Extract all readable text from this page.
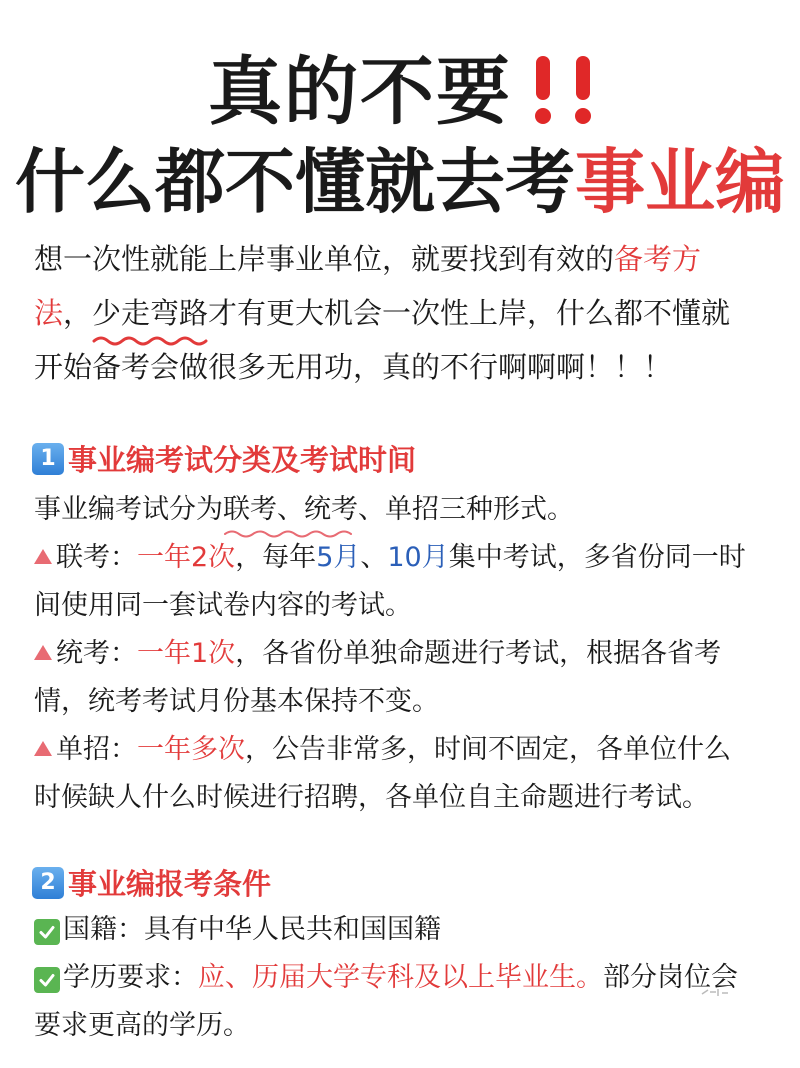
真的不要
什么都不懂就去考事业编
想一次性就能上岸事业单位，就要找到有效的备考方
法，少走弯路
才有更大机会一次性上岸，什么都不懂就
开始备考会做很多无用功，真的不行啊啊啊！！！
1 事业编考试分类及考试时间
事业编考试分为联考、统考
、单招三种形式。
联考：一年2次，每年5月、10月集中考试，多省份同一时
间使用同一套试卷内容的考试。
统考：一年1次，各省份单独命题进行考试，根据各省考
情，统考考试月份基本保持不变。
单招：一年多次，公告非常多，时间不固定，各单位什么
时候缺人什么时候进行招聘，各单位自主命题进行考试。
2 事业编报考条件
国籍：具有中华人民共和国国籍
学历要求：应、历届大学专科及以上毕业生。部分岗位会
要求更高的学历。
